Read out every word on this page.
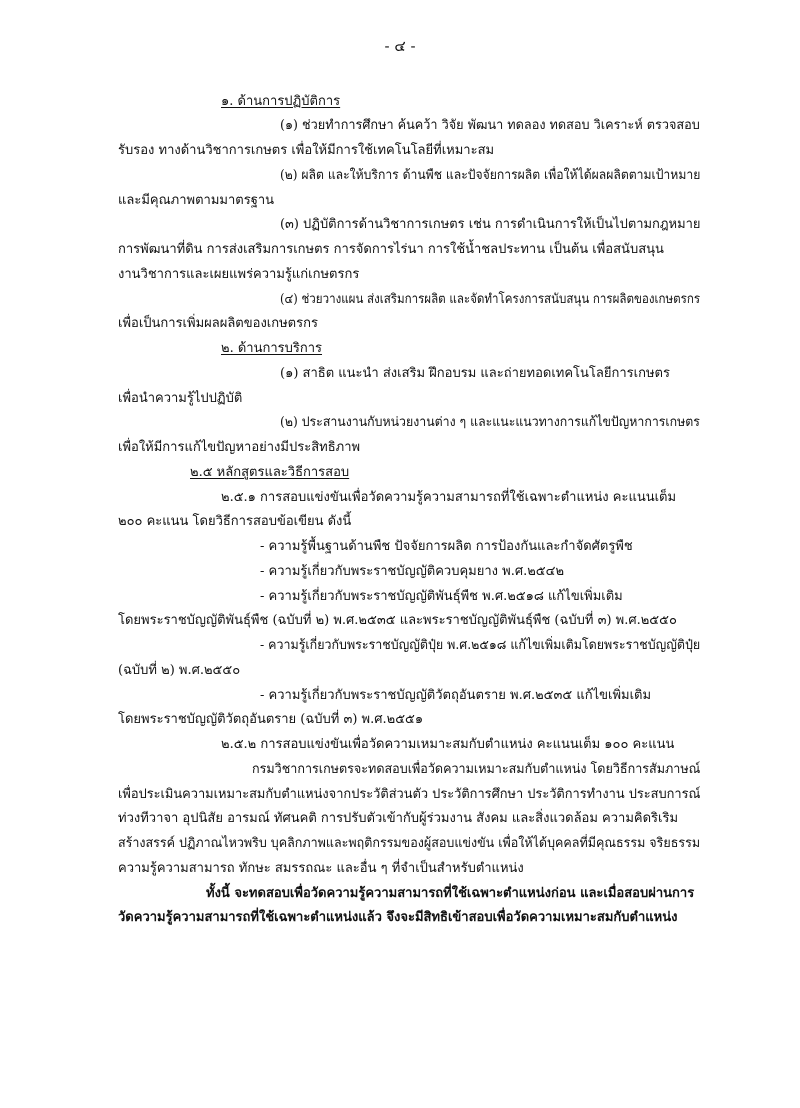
- ๔ -
๑. ด้านการปฏิบัติการ
(๑) ช่วยทำการศึกษา ค้นคว้า วิจัย พัฒนา ทดลอง ทดสอบ วิเคราะห์ ตรวจสอบ
รับรอง ทางด้านวิชาการเกษตร เพื่อให้มีการใช้เทคโนโลยีที่เหมาะสม
(๒) ผลิต และให้บริการ ด้านพืช และปัจจัยการผลิต เพื่อให้ได้ผลผลิตตามเป้าหมาย
และมีคุณภาพตามมาตรฐาน
(๓) ปฏิบัติการด้านวิชาการเกษตร เช่น การดำเนินการให้เป็นไปตามกฎหมาย
การพัฒนาที่ดิน การส่งเสริมการเกษตร การจัดการไร่นา การใช้น้ำชลประทาน เป็นต้น เพื่อสนับสนุน
งานวิชาการและเผยแพร่ความรู้แก่เกษตรกร
(๔) ช่วยวางแผน ส่งเสริมการผลิต และจัดทำโครงการสนับสนุน การผลิตของเกษตรกร
เพื่อเป็นการเพิ่มผลผลิตของเกษตรกร
๒. ด้านการบริการ
(๑) สาธิต แนะนำ ส่งเสริม ฝึกอบรม และถ่ายทอดเทคโนโลยีการเกษตร
เพื่อนำความรู้ไปปฏิบัติ
(๒) ประสานงานกับหน่วยงานต่าง ๆ และแนะแนวทางการแก้ไขปัญหาการเกษตร
เพื่อให้มีการแก้ไขปัญหาอย่างมีประสิทธิภาพ
๒.๕ หลักสูตรและวิธีการสอบ
๒.๕.๑ การสอบแข่งขันเพื่อวัดความรู้ความสามารถที่ใช้เฉพาะตำแหน่ง คะแนนเต็ม
๒๐๐ คะแนน โดยวิธีการสอบข้อเขียน ดังนี้
- ความรู้พื้นฐานด้านพืช ปัจจัยการผลิต การป้องกันและกำจัดศัตรูพืช
- ความรู้เกี่ยวกับพระราชบัญญัติควบคุมยาง พ.ศ.๒๕๔๒
- ความรู้เกี่ยวกับพระราชบัญญัติพันธุ์พืช พ.ศ.๒๕๑๘ แก้ไขเพิ่มเติม
โดยพระราชบัญญัติพันธุ์พืช (ฉบับที่ ๒) พ.ศ.๒๕๓๕ และพระราชบัญญัติพันธุ์พืช (ฉบับที่ ๓) พ.ศ.๒๕๕๐
- ความรู้เกี่ยวกับพระราชบัญญัติปุ๋ย พ.ศ.๒๕๑๘ แก้ไขเพิ่มเติมโดยพระราชบัญญัติปุ๋ย
(ฉบับที่ ๒) พ.ศ.๒๕๕๐
- ความรู้เกี่ยวกับพระราชบัญญัติวัตถุอันตราย พ.ศ.๒๕๓๕ แก้ไขเพิ่มเติม
โดยพระราชบัญญัติวัตถุอันตราย (ฉบับที่ ๓) พ.ศ.๒๕๕๑
๒.๕.๒ การสอบแข่งขันเพื่อวัดความเหมาะสมกับตำแหน่ง คะแนนเต็ม ๑๐๐ คะแนน
กรมวิชาการเกษตรจะทดสอบเพื่อวัดความเหมาะสมกับตำแหน่ง โดยวิธีการสัมภาษณ์
เพื่อประเมินความเหมาะสมกับตำแหน่งจากประวัติส่วนตัว ประวัติการศึกษา ประวัติการทำงาน ประสบการณ์
ท่วงทีวาจา อุปนิสัย อารมณ์ ทัศนคติ การปรับตัวเข้ากับผู้ร่วมงาน สังคม และสิ่งแวดล้อม ความคิดริเริม
สร้างสรรค์ ปฏิภาณไหวพริบ บุคลิกภาพและพฤติกรรมของผู้สอบแข่งขัน เพื่อให้ได้บุคคลที่มีคุณธรรม จริยธรรม
ความรู้ความสามารถ ทักษะ สมรรถณะ และอื่น ๆ ที่จำเป็นสำหรับตำแหน่ง
ทั้งนี้ จะทดสอบเพื่อวัดความรู้ความสามารถที่ใช้เฉพาะตำแหน่งก่อน และเมื่อสอบผ่านการ
วัดความรู้ความสามารถที่ใช้เฉพาะตำแหน่งแล้ว จึงจะมีสิทธิเข้าสอบเพื่อวัดความเหมาะสมกับตำแหน่ง
